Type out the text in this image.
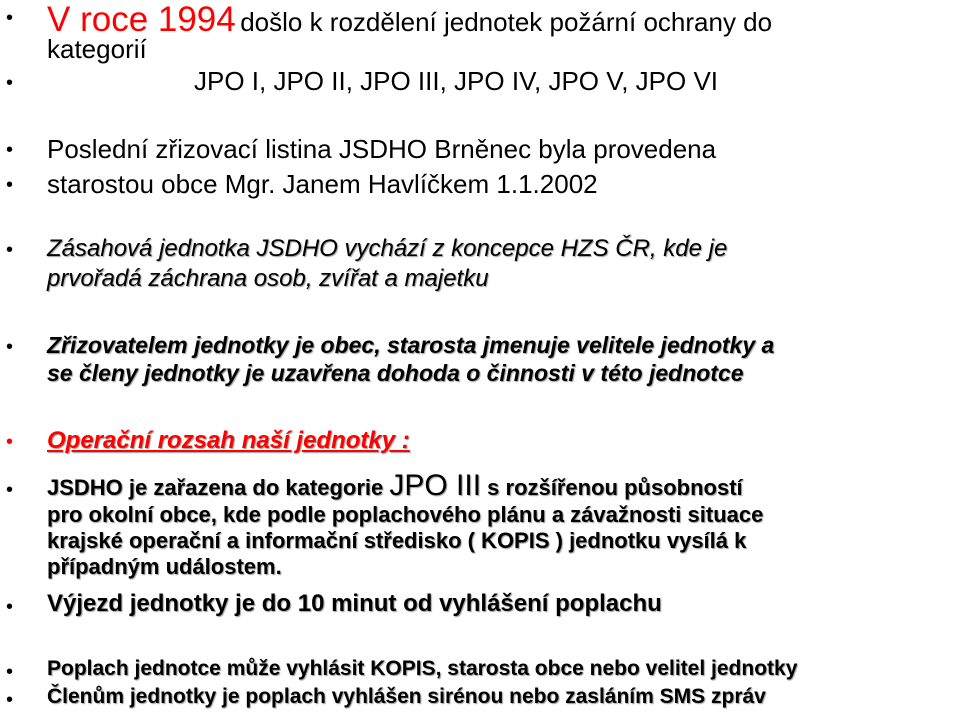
• V roce 1994 došlo k rozdělení jednotek požární ochrany do
kategorií
•	JPO I, JPO II, JPO III, JPO IV, JPO V, JPO VI
• Poslední zřizovací listina JSDHO Brněnec byla provedena
• starostou obce Mgr. Janem Havlíčkem 1.1.2002
• Zásahová jednotka JSDHO vychází z koncepce HZS ČR, kde je
prvořadá záchrana osob, zvířat a majetku
• Zřizovatelem jednotky je obec, starosta jmenuje velitele jednotky a
se členy jednotky je uzavřena dohoda o činnosti v této jednotce
• Operační rozsah naší jednotky :
• JSDHO je zařazena do kategorie JPO III s rozšířenou působností
pro okolní obce, kde podle poplachového plánu a závažnosti situace
krajské operační a informační středisko ( KOPIS ) jednotku vysílá k
případným událostem.
• Výjezd jednotky je do 10 minut od vyhlášení poplachu
• Poplach jednotce může vyhlásit KOPIS, starosta obce nebo velitel jednotky
• Členům jednotky je poplach vyhlášen sirénou nebo zasláním SMS zpráv
